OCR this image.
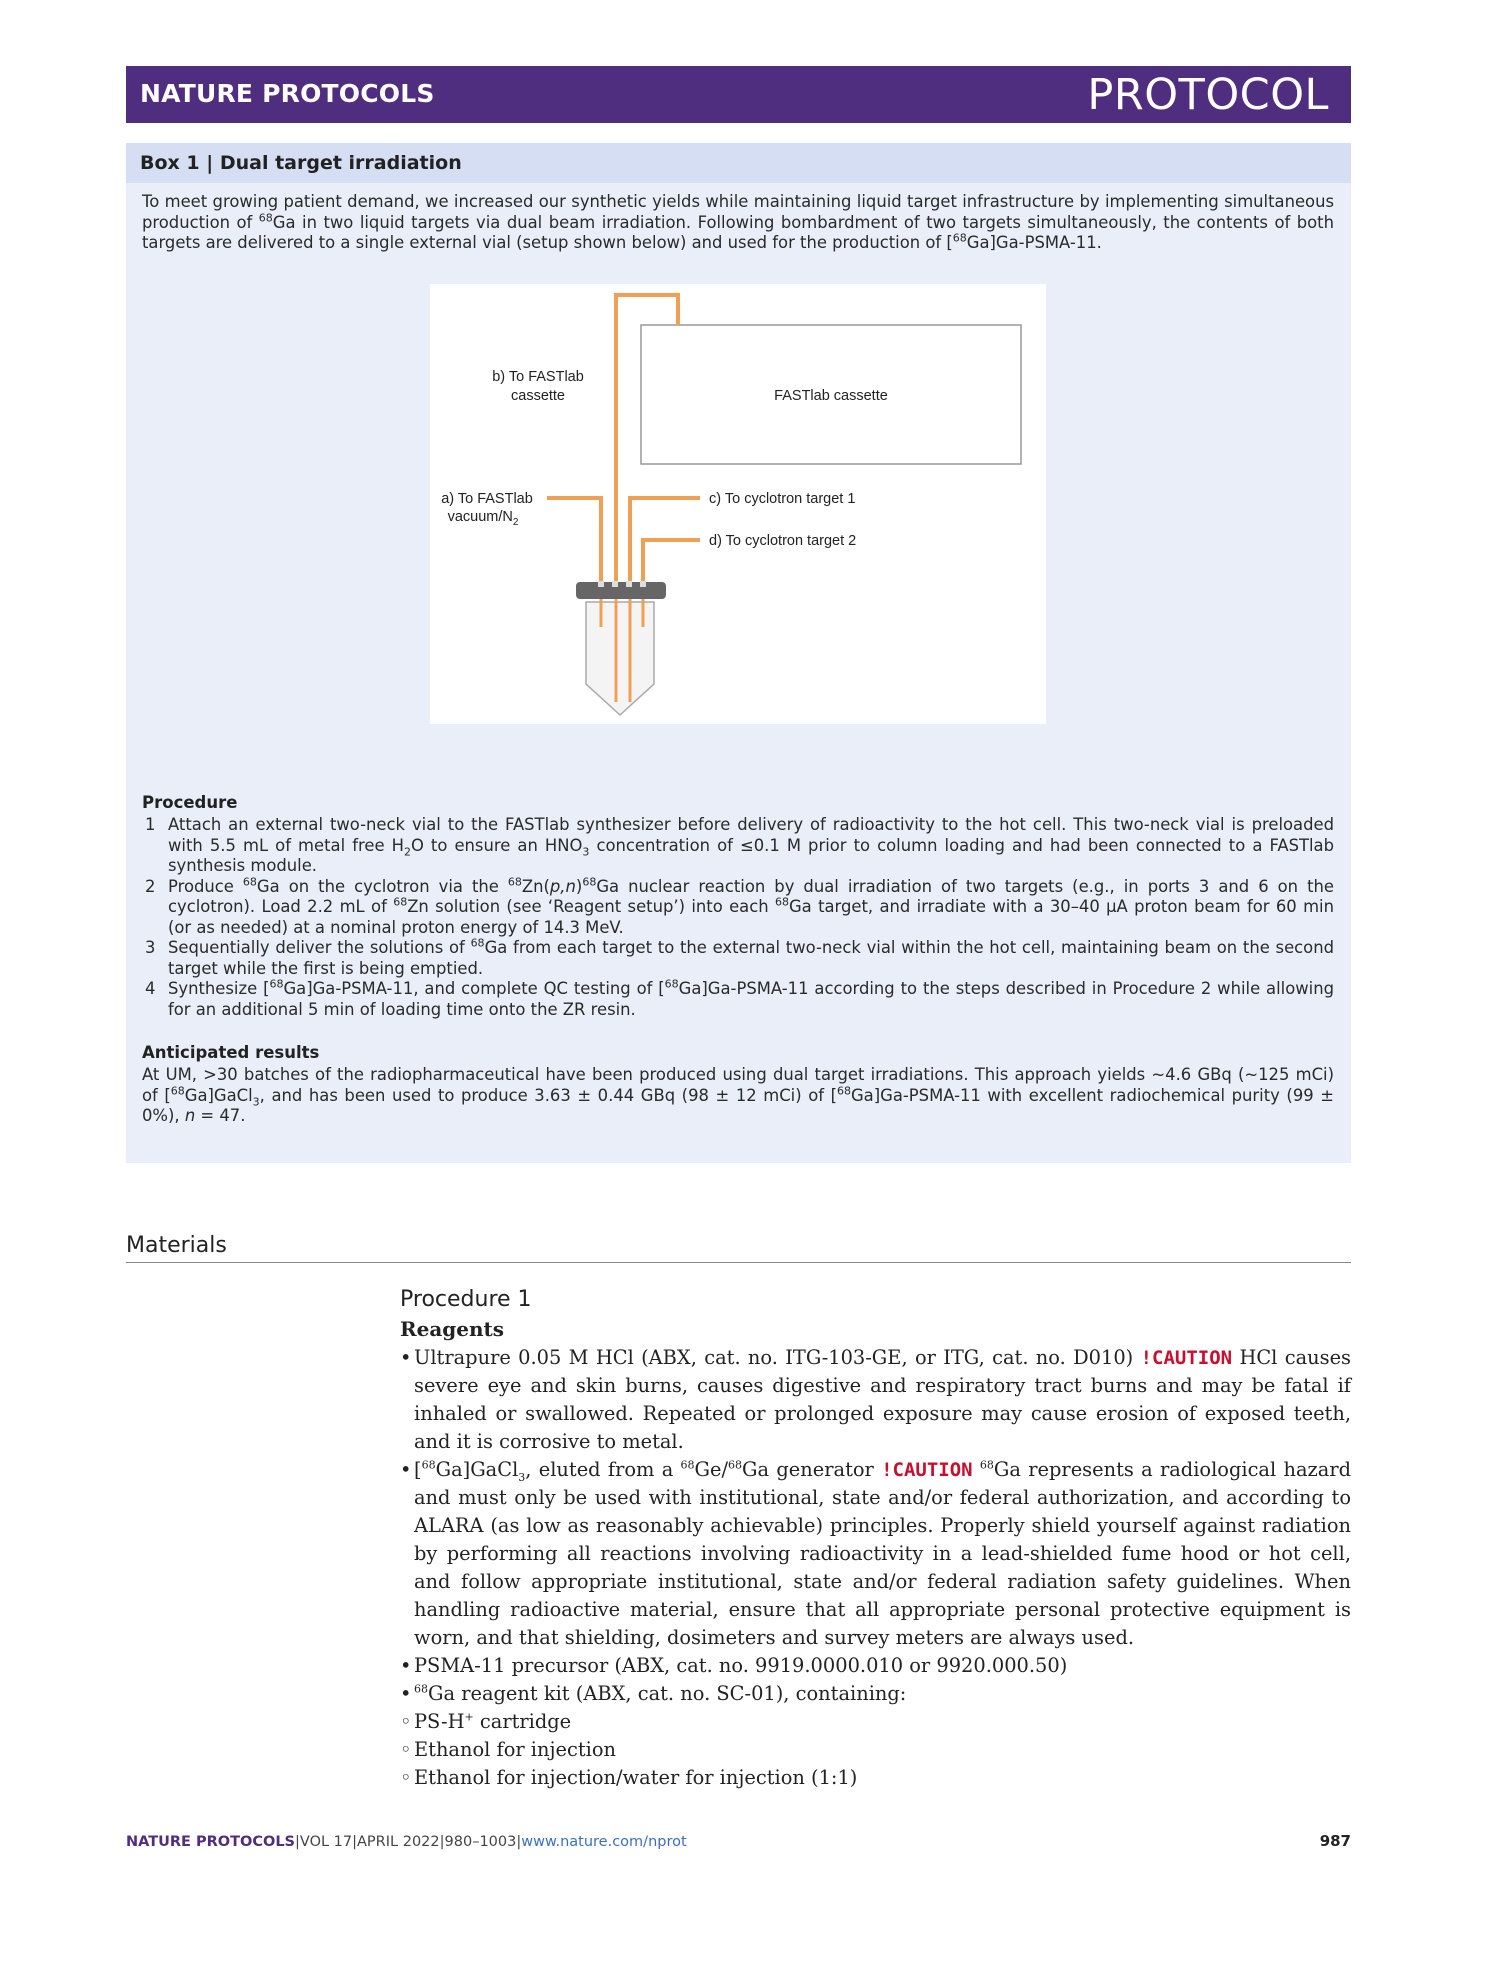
NATURE PROTOCOLS	PROTOCOL
Box 1 | Dual target irradiation
To meet growing patient demand, we increased our synthetic yields while maintaining liquid target infrastructure by implementing simultaneous production of $^{68}$Ga in two liquid targets via dual beam irradiation. Following bombardment of two targets simultaneously, the contents of both targets are delivered to a single external vial (setup shown below) and used for the production of [$^{68}$Ga]Ga-PSMA-11.
FASTlab cassette
b) To FASTlab
cassette
a) To FASTlab
vacuum/$N_2$
c) To cyclotron target 1
d) To cyclotron target 2
Procedure
1 Attach an external two-neck vial to the FASTlab synthesizer before delivery of radioactivity to the hot cell. This two-neck vial is preloaded with 5.5 mL of metal free $H_2O$ to ensure an $HNO_3$ concentration of ≤0.1 M prior to column loading and had been connected to a FASTlab synthesis module.
2 Produce $^{68}$Ga on the cyclotron via the $^{68}Zn(p,n)^{68}Ga$ nuclear reaction by dual irradiation of two targets (e.g., in ports 3 and 6 on the cyclotron). Load 2.2 mL of $^{68}$Zn solution (see ‘Reagent setup’) into each $^{68}$Ga target, and irradiate with a 30–40 μA proton beam for 60 min (or as needed) at a nominal proton energy of 14.3 MeV.
3 Sequentially deliver the solutions of $^{68}$Ga from each target to the external two-neck vial within the hot cell, maintaining beam on the second target while the first is being emptied.
4 Synthesize [$^{68}$Ga]Ga-PSMA-11, and complete QC testing of [$^{68}$Ga]Ga-PSMA-11 according to the steps described in Procedure 2 while allowing for an additional 5 min of loading time onto the ZR resin.
Anticipated results
At UM, >30 batches of the radiopharmaceutical have been produced using dual target irradiations. This approach yields ~4.6 GBq (~125 mCi) of [$^{68}$Ga]GaCl$_3$, and has been used to produce 3.63 ± 0.44 GBq (98 ± 12 mCi) of [$^{68}$Ga]Ga-PSMA-11 with excellent radiochemical purity (99 ± 0%), n = 47.
Materials
Procedure 1
Reagents
• Ultrapure 0.05 M HCl (ABX, cat. no. ITG-103-GE, or ITG, cat. no. D010) !CAUTION HCl causes severe eye and skin burns, causes digestive and respiratory tract burns and may be fatal if inhaled or swallowed. Repeated or prolonged exposure may cause erosion of exposed teeth, and it is corrosive to metal.
• [$^{68}$Ga]GaCl$_3$, eluted from a $^{68}$Ge/$^{68}$Ga generator !CAUTION $^{68}$Ga represents a radiological hazard and must only be used with institutional, state and/or federal authorization, and according to ALARA (as low as reasonably achievable) principles. Properly shield yourself against radiation by performing all reactions involving radioactivity in a lead-shielded fume hood or hot cell, and follow appropriate institutional, state and/or federal radiation safety guidelines. When handling radioactive material, ensure that all appropriate personal protective equipment is worn, and that shielding, dosimeters and survey meters are always used.
• PSMA-11 precursor (ABX, cat. no. 9919.0000.010 or 9920.000.50)
• $^{68}$Ga reagent kit (ABX, cat. no. SC-01), containing:
◦ PS-H+ cartridge
◦ Ethanol for injection
◦ Ethanol for injection/water for injection (1:1)
NATURE PROTOCOLS|VOL 17|APRIL 2022|980–1003|www.nature.com/nprot	987
